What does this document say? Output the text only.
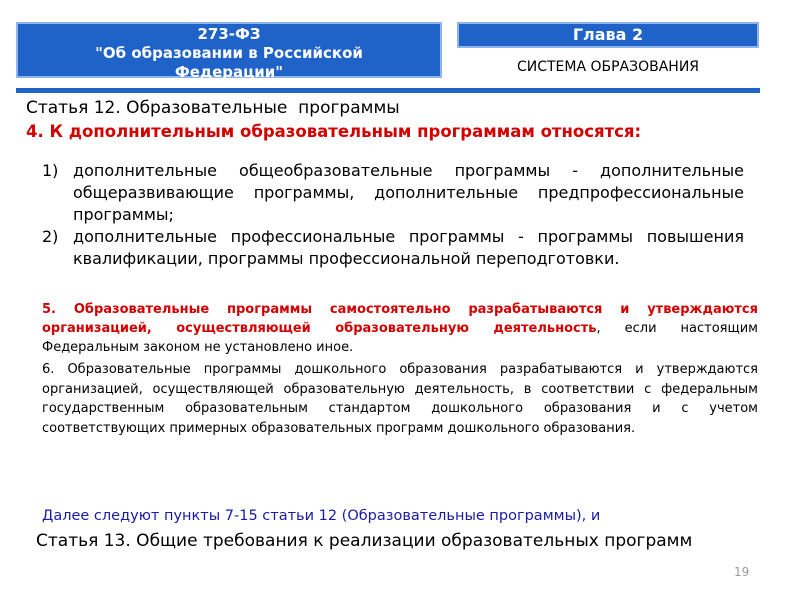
273-ФЗ
"Об образовании в Российской
Федерации"
Глава 2
СИСТЕМА ОБРАЗОВАНИЯ
Статья 12. Образовательные  программы
4. К дополнительным образовательным программам относятся:
1) дополнительные общеобразовательные программы - дополнительные общеразвивающие программы, дополнительные предпрофессиональные программы;
2) дополнительные профессиональные программы - программы повышения квалификации, программы профессиональной переподготовки.
5. Образовательные программы самостоятельно разрабатываются и утверждаются организацией, осуществляющей образовательную деятельность, если настоящим Федеральным законом не установлено иное.
6. Образовательные программы дошкольного образования разрабатываются и утверждаются организацией, осуществляющей образовательную деятельность, в соответствии с федеральным государственным образовательным стандартом дошкольного образования и с учетом соответствующих примерных образовательных программ дошкольного образования.
Далее следуют пункты 7-15 статьи 12 (Образовательные программы), и
Статья 13. Общие требования к реализации образовательных программ
19
